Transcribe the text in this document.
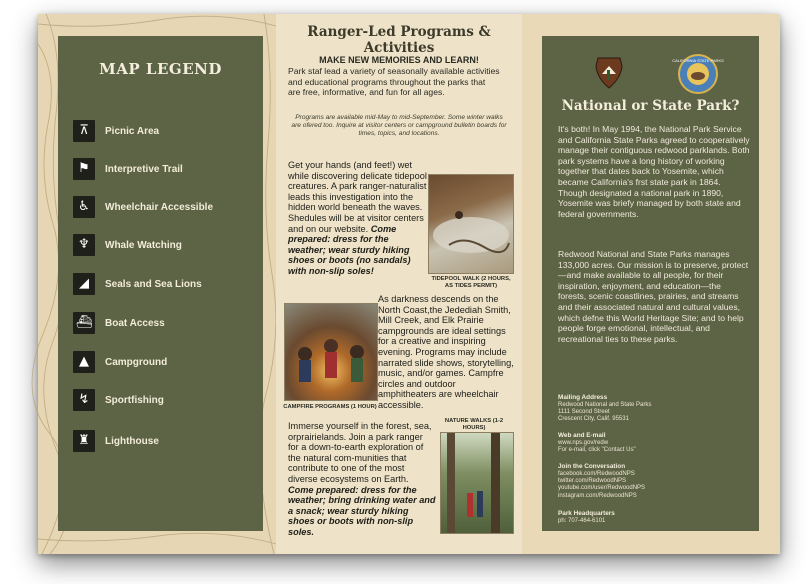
MAP LEGEND
⊼	Picnic Area
⚑	Interpretive Trail
♿	Wheelchair Accessible
♆	Whale Watching
◢	Seals and Sea Lions
⛴ Boat Access
▲	Campground
↯	Sportfishing
♜	Lighthouse
Ranger-Led Programs & Activities
MAKE NEW MEMORIES AND LEARN!
Park staf lead a variety of seasonally available activities and educational programs throughout the parks that are free, informative, and fun for all ages.
Programs are available mid-May to mid-September. Some winter walks are ofered too. Inquire at visitor centers or campground bulletin boards for times, topics, and locations.
Get your hands (and feet!) wet while discovering delicate tidepool creatures. A park ranger-naturalist leads this investigation into the hidden world beneath the waves. Shedules will be at visitor centers and on our website. Come prepared: dress for the weather; wear sturdy hiking shoes or boots (no sandals) with non-slip soles!
TIDEPOOL WALK (2 HOURS, AS TIDES PERMIT)
CAMPFIRE PROGRAMS (1 HOUR)
As darkness descends on the North Coast,the Jedediah Smith, Mill Creek, and Elk Prairie campgrounds are ideal settings for a creative and inspiring evening. Programs may include narrated slide shows, storytelling, music, and/or games. Campfre circles and outdoor amphitheaters are wheelchair accessible.
Immerse yourself in the forest, sea, orprairielands. Join a park ranger for a down-to-earth exploration of the natural com-munities that contribute to one of the most diverse ecosystems on Earth. Come prepared: dress for the weather; bring drinking water and a snack; wear sturdy hiking shoes or boots with non-slip soles.
NATURE WALKS (1-2 HOURS)
CALIFORNIA STATE PARKS
National or State Park?
It's both! In May 1994, the National Park Service and California State Parks agreed to cooperatively manage their contiguous redwood parklands. Both park systems have a long history of working together that dates back to Yosemite, which became California's frst state park in 1864. Though designated a national park in 1890, Yosemite was briefy managed by both state and federal governments.
Redwood National and State Parks manages 133,000 acres. Our mission is to preserve, protect—and make available to all people, for their inspiration, enjoyment, and education—the forests, scenic coastlines, prairies, and streams and their associated natural and cultural values, which defne this World Heritage Site; and to help people forge emotional, intellectual, and recreational ties to these parks.
Mailing Address
Redwood National and State Parks
1111 Second Street
Crescent City, Calif. 95531
Web and E-mail
www.nps.gov/redw
For e-mail, click "Contact Us"
Join the Conversation
facebook.com/RedwoodNPS
twitter.com/RedwoodNPS
youtube.com/user/RedwoodNPS
instagram.com/RedwoodNPS
Park Headquarters
ph: 707-464-6101
